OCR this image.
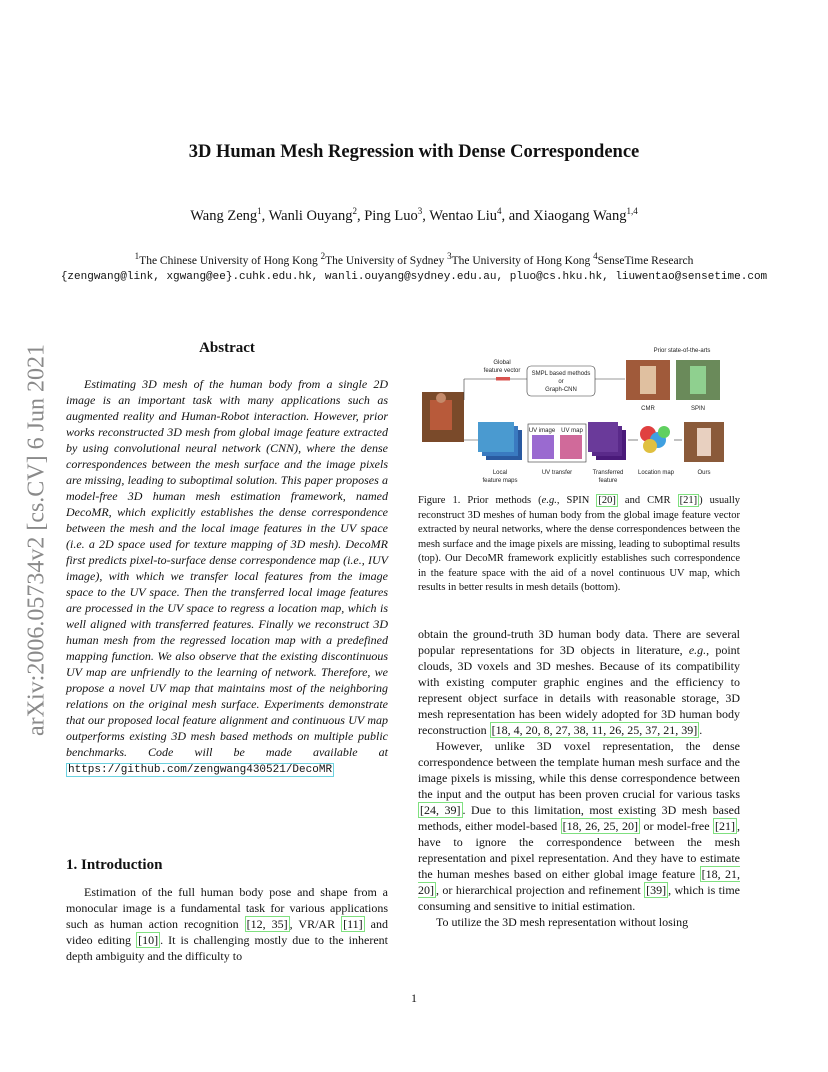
3D Human Mesh Regression with Dense Correspondence
Wang Zeng$^1$, Wanli Ouyang$^2$, Ping Luo$^3$, Wentao Liu$^4$, and Xiaogang Wang$^{1,4}$
$^1$The Chinese University of Hong Kong $^2$The University of Sydney $^3$The University of Hong Kong $^4$SenseTime Research
{zengwang@link, xgwang@ee}.cuhk.edu.hk, wanli.ouyang@sydney.edu.au, pluo@cs.hku.hk, liuwentao@sensetime.com
arXiv:2006.05734v2 [cs.CV] 6 Jun 2021	Abstract
Estimating 3D mesh of the human body from a single 2D image is an important task with many applications such as augmented reality and Human-Robot interaction. However, prior works reconstructed 3D mesh from global image feature extracted by using convolutional neural network (CNN), where the dense correspondences between the mesh surface and the image pixels are missing, leading to suboptimal solution. This paper proposes a model-free 3D human mesh estimation framework, named DecoMR, which explicitly establishes the dense correspondence between the mesh and the local image features in the UV space (i.e. a 2D space used for texture mapping of 3D mesh). DecoMR first predicts pixel-to-surface dense correspondence map (i.e., IUV image), with which we transfer local features from the image space to the UV space. Then the transferred local image features are processed in the UV space to regress a location map, which is well aligned with transferred features. Finally we reconstruct 3D human mesh from the regressed location map with a predefined mapping function. We also observe that the existing discontinuous UV map are unfriendly to the learning of network. Therefore, we propose a novel UV map that maintains most of the neighboring relations on the original mesh surface. Experiments demonstrate that our proposed local feature alignment and continuous UV map outperforms existing 3D mesh based methods on multiple public benchmarks. Code will be made available at https://github.com/zengwang430521/DecoMR
1. Introduction
Estimation of the full human body pose and shape from a monocular image is a fundamental task for various applications such as human action recognition [12, 35] , VR/AR [11] and video editing [10] . It is challenging mostly due to the inherent depth ambiguity and the difficulty to
Global
feature vector SMPL based methods
or
Graph-CNN
Prior state-of-the-arts
CMR	SPIN
Local
feature maps
UV image UV map
UV transfer	Transferred
feature
Location map	Ours
Figure 1. Prior methods (e.g., SPIN [20] and CMR [21] ) usually reconstruct 3D meshes of human body from the global image feature vector extracted by neural networks, where the dense correspondences between the mesh surface and the image pixels are missing, leading to suboptimal results (top). Our DecoMR framework explicitly establishes such correspondence in the feature space with the aid of a novel continuous UV map, which results in better results in mesh details (bottom).

obtain the ground-truth 3D human body data. There are several popular representations for 3D objects in literature, e.g., point clouds, 3D voxels and 3D meshes. Because of its compatibility with existing computer graphic engines and the efficiency to represent object surface in details with reasonable storage, 3D mesh representation has been widely adopted for 3D human body reconstruction [18, 4, 20, 8, 27, 38, 11, 26, 25, 37, 21, 39] .

However, unlike 3D voxel representation, the dense correspondence between the template human mesh surface and the image pixels is missing, while this dense correspondence between the input and the output has been proven crucial for various tasks [24, 39] . Due to this limitation, most existing 3D mesh based methods, either model-based [18, 26, 25, 20] or model-free [21] , have to ignore the correspondence between the mesh representation and pixel representation. And they have to estimate the human meshes based on either global image feature [18, 21, 20] , or hierarchical projection and refinement [39] , which is time consuming and sensitive to initial estimation.

To utilize the 3D mesh representation without losing

1
